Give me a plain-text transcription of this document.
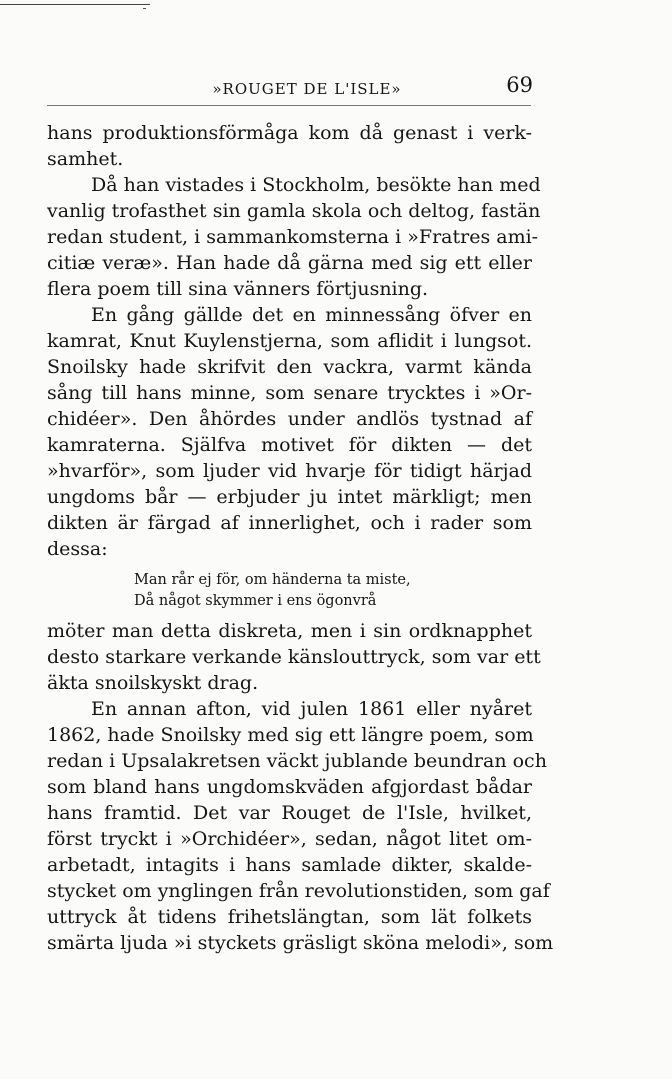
»ROUGET DE L'ISLE»	69
hans produktionsförmåga kom då genast i verk-
samhet.
Då han vistades i Stockholm, besökte han med
vanlig trofasthet sin gamla skola och deltog, fastän
redan student, i sammankomsterna i »Fratres ami-
citiæ veræ». Han hade då gärna med sig ett eller
flera poem till sina vänners förtjusning.
En gång gällde det en minnessång öfver en
kamrat, Knut Kuylenstjerna, som aflidit i lungsot.
Snoilsky hade skrifvit den vackra, varmt kända
sång till hans minne, som senare trycktes i »Or-
chidéer». Den åhördes under andlös tystnad af
kamraterna. Själfva motivet för dikten — det
»hvarför», som ljuder vid hvarje för tidigt härjad
ungdoms bår — erbjuder ju intet märkligt; men
dikten är färgad af innerlighet, och i rader som
dessa:
Man rår ej för, om händerna ta miste,
Då något skymmer i ens ögonvrå
möter man detta diskreta, men i sin ordknapphet
desto starkare verkande känslouttryck, som var ett
äkta snoilskyskt drag.
En annan afton, vid julen 1861 eller nyåret
1862, hade Snoilsky med sig ett längre poem, som
redan i Upsalakretsen väckt jublande beundran och
som bland hans ungdomskväden afgjordast bådar
hans framtid. Det var Rouget de l'Isle, hvilket,
först tryckt i »Orchidéer», sedan, något litet om-
arbetadt, intagits i hans samlade dikter, skalde-
stycket om ynglingen från revolutionstiden, som gaf
uttryck åt tidens frihetslängtan, som lät folkets
smärta ljuda »i styckets gräsligt sköna melodi», som
